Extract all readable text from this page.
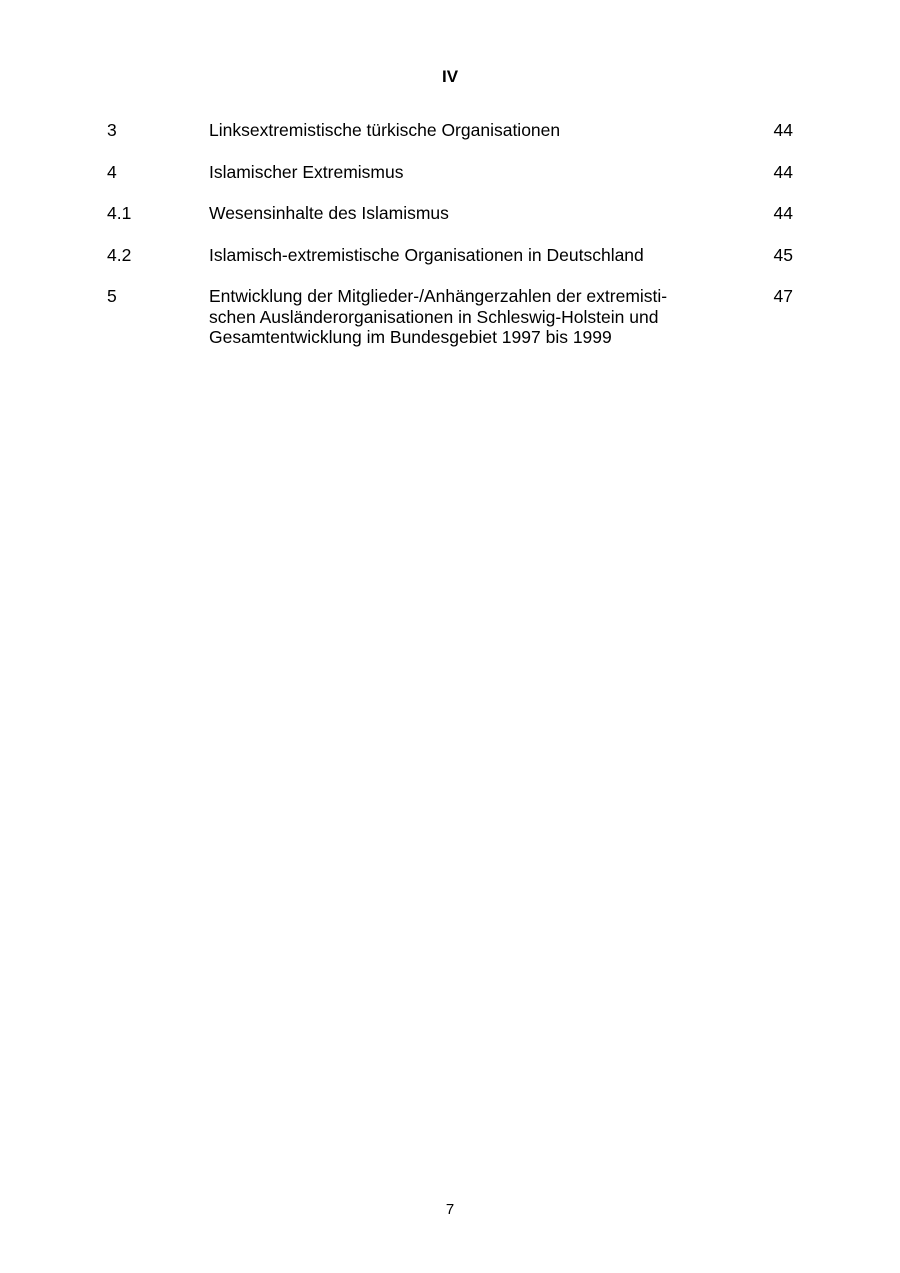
IV
3	Linksextremistische türkische Organisationen	44
4	Islamischer Extremismus	44
4.1	Wesensinhalte des Islamismus	44
4.2	Islamisch-extremistische Organisationen in Deutschland	45
5	Entwicklung der Mitglieder-/Anhängerzahlen der extremisti-
schen Ausländerorganisationen in Schleswig-Holstein und
Gesamtentwicklung im Bundesgebiet 1997 bis 1999
47
7
